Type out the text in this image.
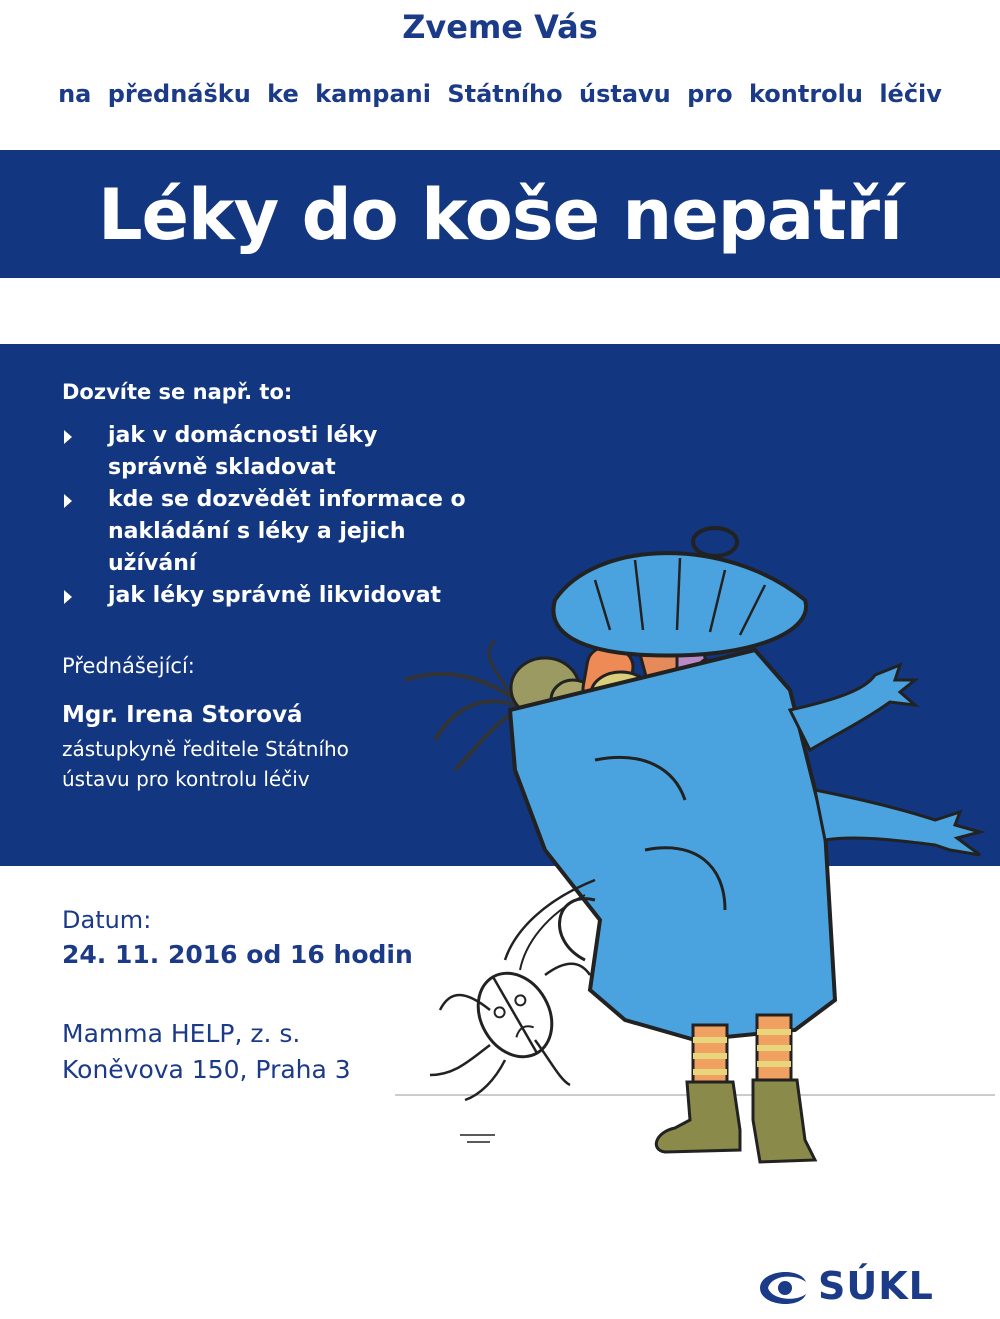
Zveme Vás

na přednášku ke kampani Státního ústavu pro kontrolu léčiv

Léky do koše nepatří
Dozvíte se např. to:
jak v domácnosti léky správně skladovat
kde se dozvědět informace o nakládání s léky a jejich užívání
jak léky správně likvidovat
Přednášející:
Mgr. Irena Storová
zástupkyně ředitele Státního ústavu pro kontrolu léčiv
Datum:
24. 11. 2016 od 16 hodin
Mamma HELP, z. s.
Koněvova 150, Praha 3
SÚKL
